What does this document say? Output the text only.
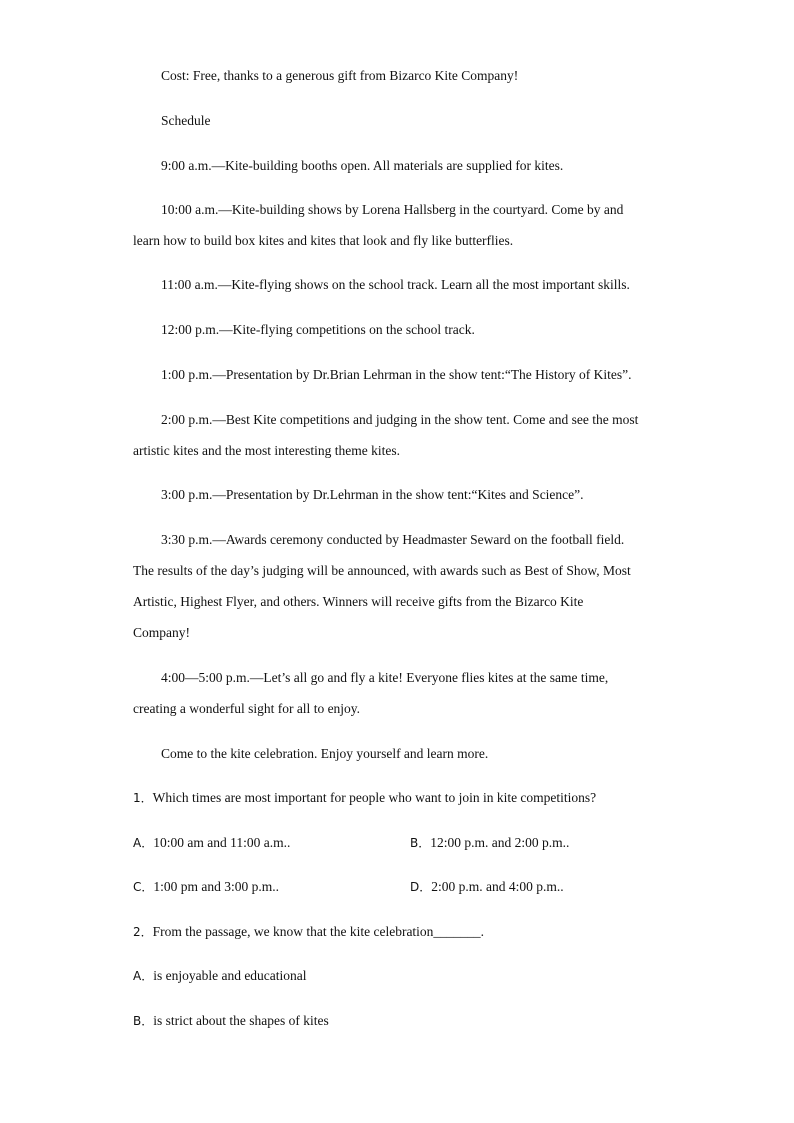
Cost: Free, thanks to a generous gift from Bizarco Kite Company!
Schedule
9:00 a.m.—Kite-building booths open. All materials are supplied for kites.
10:00 a.m.—Kite-building shows by Lorena Hallsberg in the courtyard. Come by and
learn how to build box kites and kites that look and fly like butterflies.
11:00 a.m.—Kite-flying shows on the school track. Learn all the most important skills.
12:00 p.m.—Kite-flying competitions on the school track.
1:00 p.m.—Presentation by Dr.Brian Lehrman in the show tent:“The History of Kites”.
2:00 p.m.—Best Kite competitions and judging in the show tent. Come and see the most
artistic kites and the most interesting theme kites.
3:00 p.m.—Presentation by Dr.Lehrman in the show tent:“Kites and Science”.
3:30 p.m.—Awards ceremony conducted by Headmaster Seward on the football field.
The results of the day’s judging will be announced, with awards such as Best of Show, Most
Artistic, Highest Flyer, and others. Winners will receive gifts from the Bizarco Kite
Company!
4:00—5:00 p.m.—Let’s all go and fly a kite! Everyone flies kites at the same time,
creating a wonderful sight for all to enjoy.
Come to the kite celebration. Enjoy yourself and learn more.
1．Which times are most important for people who want to join in kite competitions?
A．10:00 am and 11:00 a.m..	B．12:00 p.m. and 2:00 p.m..
C．1:00 pm and 3:00 p.m..	D．2:00 p.m. and 4:00 p.m..
2．From the passage, we know that the kite celebration_______.
A．is enjoyable and educational
B．is strict about the shapes of kites
